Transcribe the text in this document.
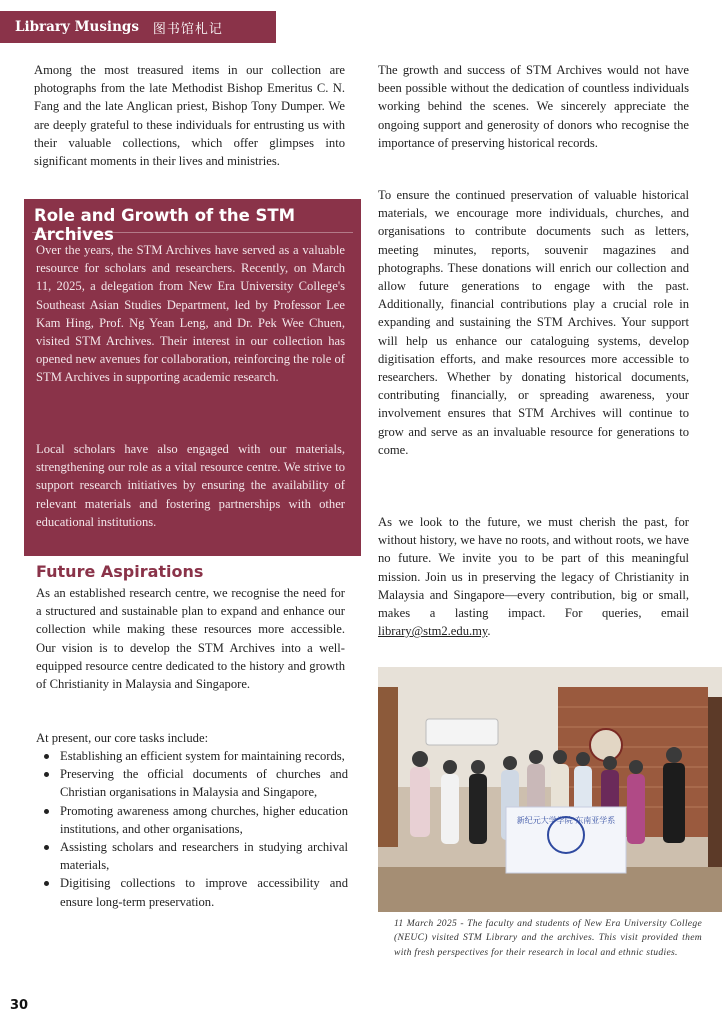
Library Musings 图书馆札记

Among the most treasured items in our collection are photographs from the late Methodist Bishop Emeritus C. N. Fang and the late Anglican priest, Bishop Tony Dumper. We are deeply grateful to these individuals for entrusting us with their valuable collections, which offer glimpses into significant moments in their lives and ministries.

Role and Growth of the STM Archives

Over the years, the STM Archives have served as a valuable resource for scholars and researchers. Recently, on March 11, 2025, a delegation from New Era University College's Southeast Asian Studies Department, led by Professor Lee Kam Hing, Prof. Ng Yean Leng, and Dr. Pek Wee Chuen, visited STM Archives. Their interest in our collection has opened new avenues for collaboration, reinforcing the role of STM Archives in supporting academic research.

Local scholars have also engaged with our materials, strengthening our role as a vital resource centre. We strive to support research initiatives by ensuring the availability of relevant materials and fostering partnerships with other educational institutions.

Future Aspirations

As an established research centre, we recognise the need for a structured and sustainable plan to expand and enhance our collection while making these resources more accessible. Our vision is to develop the STM Archives into a well-equipped resource centre dedicated to the history and growth of Christianity in Malaysia and Singapore.

At present, our core tasks include:

Establishing an efficient system for maintaining records,
Preserving the official documents of churches and Christian organisations in Malaysia and Singapore,
Promoting awareness among churches, higher education institutions, and other organisations,
Assisting scholars and researchers in studying archival materials,
Digitising collections to improve accessibility and ensure long-term preservation.

The growth and success of STM Archives would not have been possible without the dedication of countless individuals working behind the scenes. We sincerely appreciate the ongoing support and generosity of donors who recognise the importance of preserving historical records.

To ensure the continued preservation of valuable historical materials, we encourage more individuals, churches, and organisations to contribute documents such as letters, meeting minutes, reports, souvenir magazines and photographs. These donations will enrich our collection and allow future generations to engage with the past. Additionally, financial contributions play a crucial role in expanding and sustaining the STM Archives. Your support will help us enhance our cataloguing systems, develop digitisation efforts, and make resources more accessible to researchers. Whether by donating historical documents, contributing financially, or spreading awareness, your involvement ensures that STM Archives will continue to grow and serve as an invaluable resource for generations to come.

As we look to the future, we must cherish the past, for without history, we have no roots, and without roots, we have no future. We invite you to be part of this meaningful mission. Join us in preserving the legacy of Christianity in Malaysia and Singapore—every contribution, big or small, makes a lasting impact. For queries, email library@stm2.edu.my.

新纪元大学学院 东南亚学系

11 March 2025 - The faculty and students of New Era University College (NEUC) visited STM Library and the archives. This visit provided them with fresh perspectives for their research in local and ethnic studies.

30
